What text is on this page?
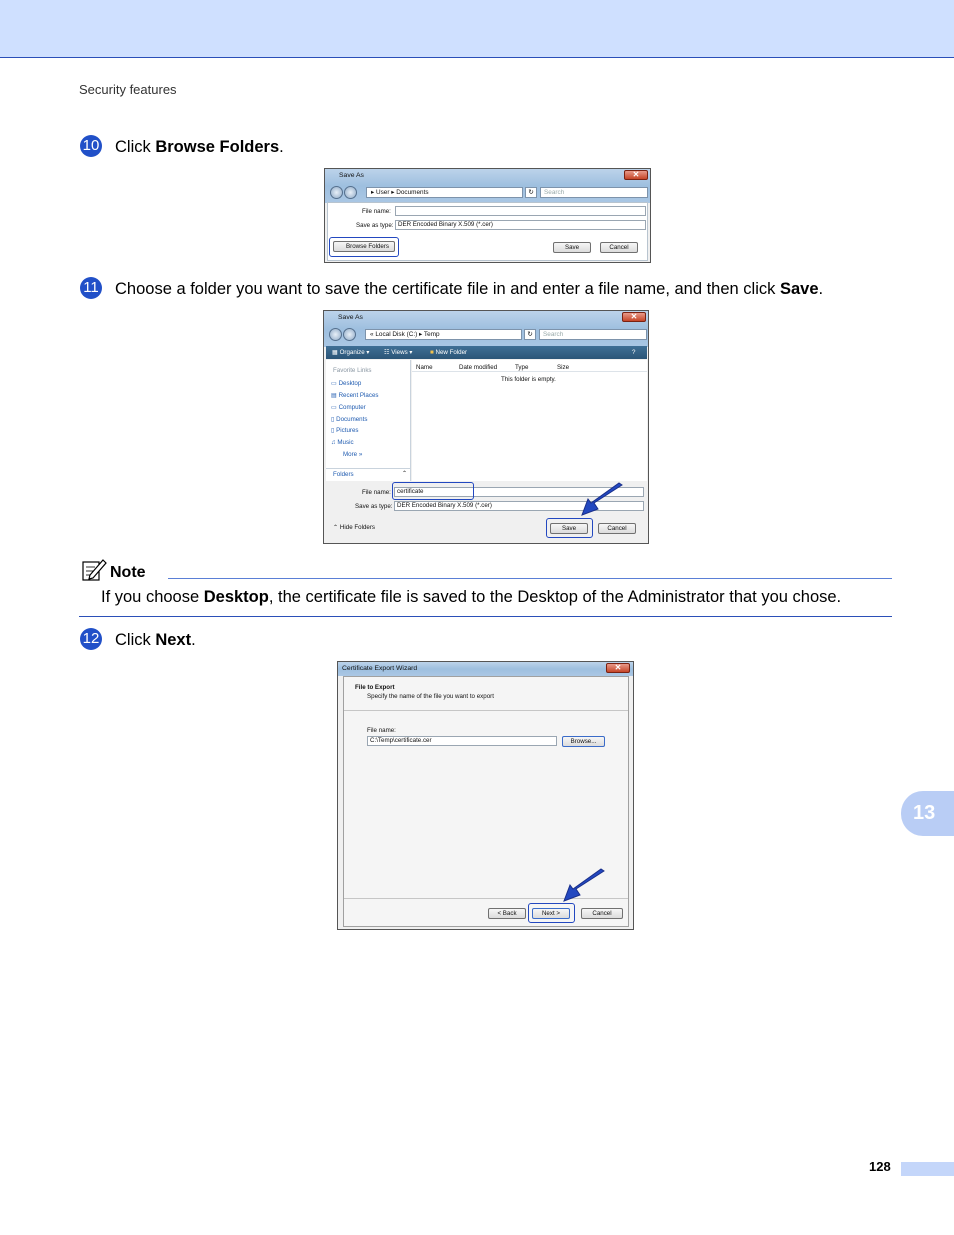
Security features
10 Click Browse Folders.
Save As	✕
▸ User ▸ Documents	↻	Search
File name:
Save as type: DER Encoded Binary X.509 (*.cer)
Browse Folders	Save	Cancel
11 Choose a folder you want to save the certificate file in and enter a file name, and then click Save.
Save As	✕
« Local Disk (C:) ▸ Temp	↻	Search
▦ Organize ▾ ☷ Views ▾	■ New Folder	?
Favorite Links
▭ Desktop
▤ Recent Places
▭ Computer
▯ Documents
▯ Pictures
♫ Music
More »
Folders	⌃
Name	Date modified	Type	Size
This folder is empty.
File name: certificate
Save as type: DER Encoded Binary X.509 (*.cer)
⌃ Hide Folders	Save	Cancel
Note
If you choose Desktop, the certificate file is saved to the Desktop of the Administrator that you chose.
12 Click Next.
Certificate Export Wizard	✕
File to Export
Specify the name of the file you want to export
File name:
C:\Temp\certificate.cer	Browse...
< Back	Next >	Cancel
13
128
